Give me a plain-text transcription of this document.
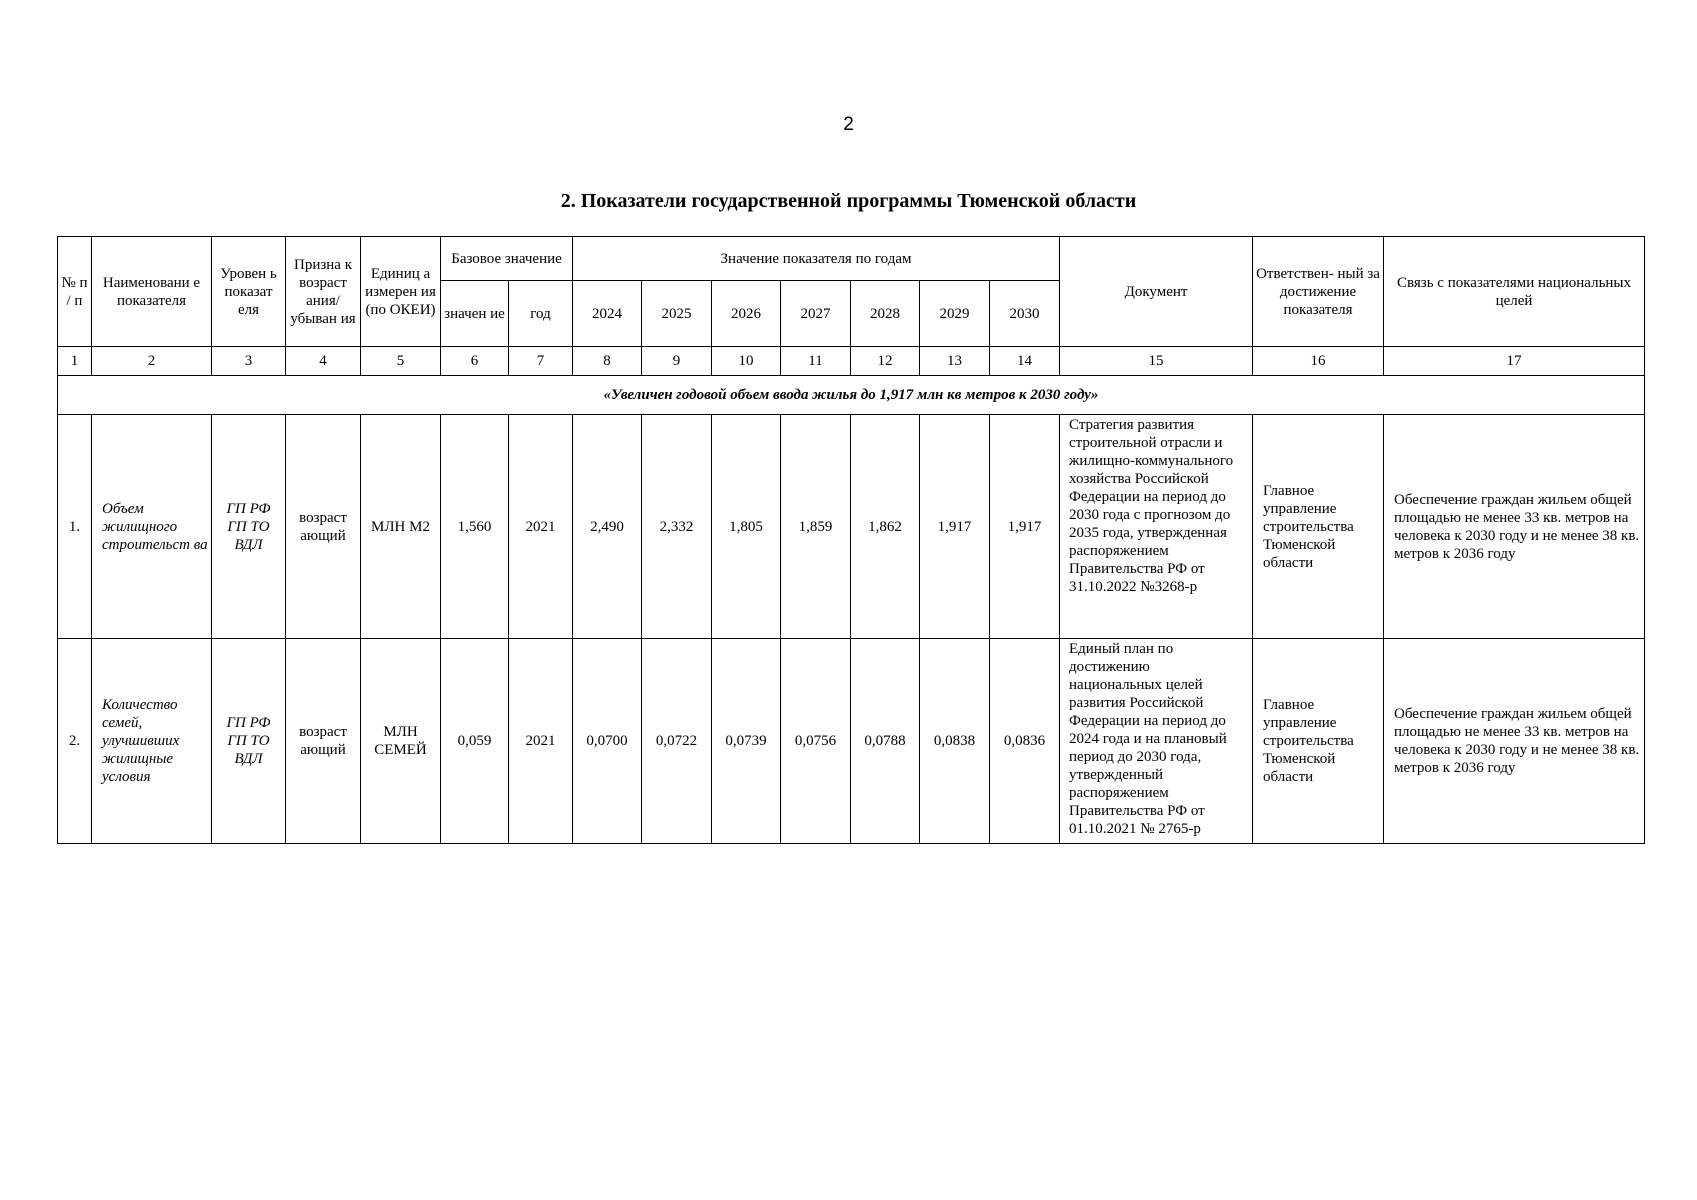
2
2. Показатели государственной программы Тюменской области
№ п / п	Наименовани е показателя	Уровен ь показат еля	Призна к возраст ания/ убыван ия	Единиц а измерен ия (по ОКЕИ)	Базовое значение		Значение показателя по годам							Документ	Ответствен- ный за достижение показателя	Связь с показателями национальных целей
					значен ие	год	2024	2025	2026	2027	2028	2029	2030			
1	2	3	4	5	6	7	8	9	10	11	12	13	14	15	16	17
«Увеличен годовой объем ввода жилья до 1,917 млн кв метров к 2030 году»																
1.	Объем жилищного строительст ва	ГП РФ ГП ТО ВДЛ	возраст ающий	МЛН М2	1,560	2021	2,490	2,332	1,805	1,859	1,862	1,917	1,917	Стратегия развития строительной отрасли и жилищно-коммунального хозяйства Российской Федерации на период до 2030 года с прогнозом до 2035 года, утвержденная распоряжением Правительства РФ от 31.10.2022 №3268-р	Главное управление строительства Тюменской области	Обеспечение граждан жильем общей площадью не менее 33 кв. метров на человека к 2030 году и не менее 38 кв. метров к 2036 году
2.	Количество семей, улучшивших жилищные условия	ГП РФ ГП ТО ВДЛ	возраст ающий	МЛН СЕМЕЙ	0,059	2021	0,0700	0,0722	0,0739	0,0756	0,0788	0,0838	0,0836	Единый план по достижению национальных целей развития Российской Федерации на период до 2024 года и на плановый период до 2030 года, утвержденный распоряжением Правительства РФ от 01.10.2021 № 2765-р	Главное управление строительства Тюменской области	Обеспечение граждан жильем общей площадью не менее 33 кв. метров на человека к 2030 году и не менее 38 кв. метров к 2036 году
